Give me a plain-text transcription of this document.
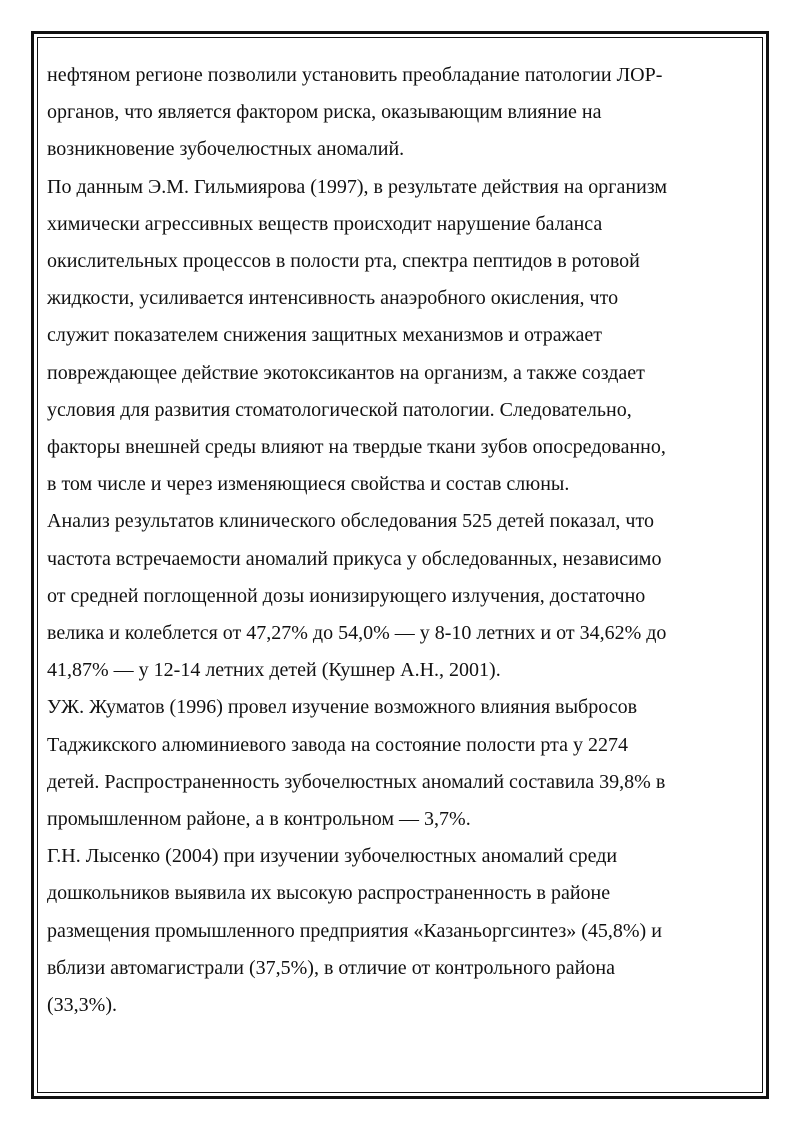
нефтяном регионе позволили установить преобладание патологии ЛОР-
органов, что является фактором риска, оказывающим влияние на
возникновение зубочелюстных аномалий.
По данным Э.М. Гильмиярова (1997), в результате действия на организм
химически агрессивных веществ происходит нарушение баланса
окислительных процессов в полости рта, спектра пептидов в ротовой
жидкости, усиливается интенсивность анаэробного окисления, что
служит показателем снижения защитных механизмов и отражает
повреждающее действие экотоксикантов на организм, а также создает
условия для развития стоматологической патологии. Следовательно,
факторы внешней среды влияют на твердые ткани зубов опосредованно,
в том числе и через изменяющиеся свойства и состав слюны.
Анализ результатов клинического обследования 525 детей показал, что
частота встречаемости аномалий прикуса у обследованных, независимо
от средней поглощенной дозы ионизирующего излучения, достаточно
велика и колеблется от 47,27% до 54,0% — у 8-10 летних и от 34,62% до
41,87% — у 12-14 летних детей (Кушнер А.Н., 2001).
УЖ. Жуматов (1996) провел изучение возможного влияния выбросов
Таджикского алюминиевого завода на состояние полости рта у 2274
детей. Распространенность зубочелюстных аномалий составила 39,8% в
промышленном районе, а в контрольном — 3,7%.
Г.Н. Лысенко (2004) при изучении зубочелюстных аномалий среди
дошкольников выявила их высокую распространенность в районе
размещения промышленного предприятия «Казаньоргсинтез» (45,8%) и
вблизи автомагистрали (37,5%), в отличие от контрольного района
(33,3%).
